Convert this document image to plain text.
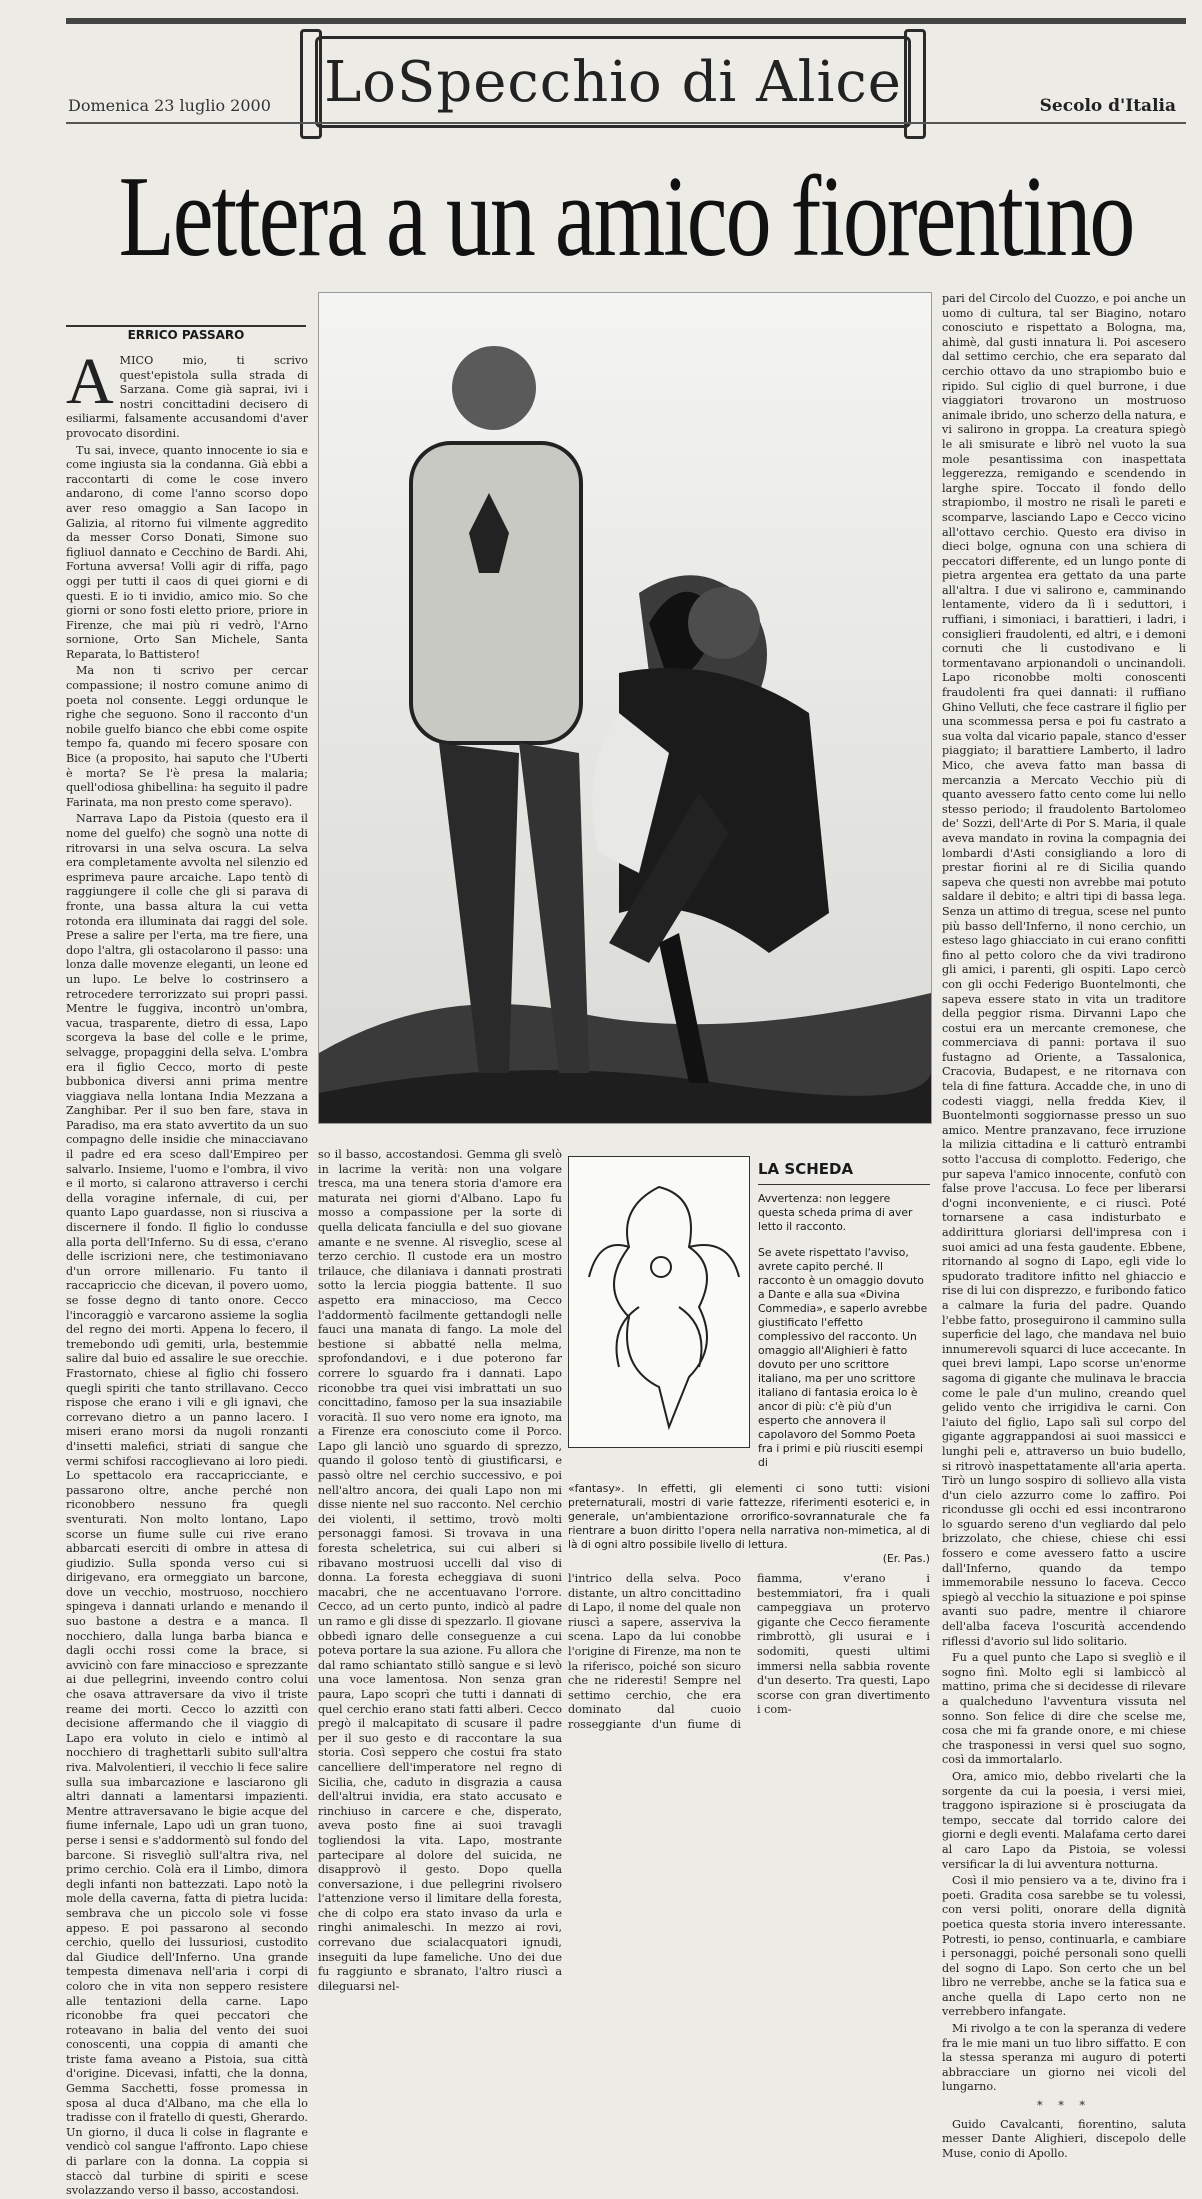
LoSpecchio di Alice
Domenica 23 luglio 2000	Secolo d'Italia
Lettera a un amico fiorentino
ERRICO PASSARO
A MICO mio, ti scrivo quest'epistola sulla strada di Sarzana. Come già saprai, ivi i nostri concittadini decisero di esiliarmi, falsamente accusandomi d'aver provocato disordini.

Tu sai, invece, quanto innocente io sia e come ingiusta sia la condanna. Già ebbi a raccontarti di come le cose invero andarono, di come l'anno scorso dopo aver reso omaggio a San Iacopo in Galizia, al ritorno fui vilmente aggredito da messer Corso Donati, Simone suo figliuol dannato e Cecchino de Bardi. Ahi, Fortuna avversa! Volli agir di riffa, pago oggi per tutti il caos di quei giorni e di questi. E io ti invidio, amico mio. So che giorni or sono fosti eletto priore, priore in Firenze, che mai più ri vedrò, l'Arno sornione, Orto San Michele, Santa Reparata, lo Battistero!

Ma non ti scrivo per cercar compassione; il nostro comune animo di poeta nol consente. Leggi ordunque le righe che seguono. Sono il racconto d'un nobile guelfo bianco che ebbi come ospite tempo fa, quando mi fecero sposare con Bice (a proposito, hai saputo che l'Uberti è morta? Se l'è presa la malaria; quell'odiosa ghibellina: ha seguito il padre Farinata, ma non presto come speravo).

Narrava Lapo da Pistoia (questo era il nome del guelfo) che sognò una notte di ritrovarsi in una selva oscura. La selva era completamente avvolta nel silenzio ed esprimeva paure arcaiche. Lapo tentò di raggiungere il colle che gli si parava di fronte, una bassa altura la cui vetta rotonda era illuminata dai raggi del sole. Prese a salire per l'erta, ma tre fiere, una dopo l'altra, gli ostacolarono il passo: una lonza dalle movenze eleganti, un leone ed un lupo. Le belve lo costrinsero a retrocedere terrorizzato sui propri passi. Mentre le fuggiva, incontrò un'ombra, vacua, trasparente, dietro di essa, Lapo scorgeva la base del colle e le prime, selvagge, propaggini della selva. L'ombra era il figlio Cecco, morto di peste bubbonica diversi anni prima mentre viaggiava nella lontana India Mezzana a Zanghibar. Per il suo ben fare, stava in Paradiso, ma era stato avvertito da un suo compagno delle insidie che minacciavano il padre ed era sceso dall'Empireo per salvarlo. Insieme, l'uomo e l'ombra, il vivo e il morto, si calarono attraverso i cerchi della voragine infernale, di cui, per quanto Lapo guardasse, non si riusciva a discernere il fondo. Il figlio lo condusse alla porta dell'Inferno. Su di essa, c'erano delle iscrizioni nere, che testimoniavano d'un orrore millenario. Fu tanto il raccapriccio che dicevan, il povero uomo, se fosse degno di tanto onore. Cecco l'incoraggiò e varcarono assieme la soglia del regno dei morti. Appena lo fecero, il tremebondo udì gemiti, urla, bestemmie salire dal buio ed assalire le sue orecchie. Frastornato, chiese al figlio chi fossero quegli spiriti che tanto strillavano. Cecco rispose che erano i vili e gli ignavi, che correvano dietro a un panno lacero. I miseri erano morsi da nugoli ronzanti d'insetti malefici, striati di sangue che vermi schifosi raccoglievano ai loro piedi. Lo spettacolo era raccapricciante, e passarono oltre, anche perché non riconobbero nessuno fra quegli sventurati. Non molto lontano, Lapo scorse un fiume sulle cui rive erano abbarcati eserciti di ombre in attesa di giudizio. Sulla sponda verso cui si dirigevano, era ormeggiato un barcone, dove un vecchio, mostruoso, nocchiero spingeva i dannati urlando e menando il suo bastone a destra e a manca. Il nocchiero, dalla lunga barba bianca e dagli occhi rossi come la brace, si avvicinò con fare minaccioso e sprezzante ai due pellegrini, inveendo contro colui che osava attraversare da vivo il triste reame dei morti. Cecco lo azzittì con decisione affermando che il viaggio di Lapo era voluto in cielo e intimò al nocchiero di traghettarli subito sull'altra riva. Malvolentieri, il vecchio li fece salire sulla sua imbarcazione e lasciarono gli altri dannati a lamentarsi impazienti. Mentre attraversavano le bigie acque del fiume infernale, Lapo udì un gran tuono, perse i sensi e s'addormentò sul fondo del barcone. Si risvegliò sull'altra riva, nel primo cerchio. Colà era il Limbo, dimora degli infanti non battezzati. Lapo notò la mole della caverna, fatta di pietra lucida: sembrava che un piccolo sole vi fosse appeso. E poi passarono al secondo cerchio, quello dei lussuriosi, custodito dal Giudice dell'Inferno. Una grande tempesta dimenava nell'aria i corpi di coloro che in vita non seppero resistere alle tentazioni della carne. Lapo riconobbe fra quei peccatori che roteavano in balia del vento dei suoi conoscenti, una coppia di amanti che triste fama aveano a Pistoia, sua città d'origine. Dicevasi, infatti, che la donna, Gemma Sacchetti, fosse promessa in sposa al duca d'Albano, ma che ella lo tradisse con il fratello di questi, Gherardo. Un giorno, il duca li colse in flagrante e vendicò col sangue l'affronto. Lapo chiese di parlare con la donna. La coppia si staccò dal turbine di spiriti e scese svolazzando verso il basso, accostandosi.

so il basso, accostandosi. Gemma gli svelò in lacrime la verità: non una volgare tresca, ma una tenera storia d'amore era maturata nei giorni d'Albano. Lapo fu mosso a compassione per la sorte di quella delicata fanciulla e del suo giovane amante e ne svenne. Al risveglio, scese al terzo cerchio. Il custode era un mostro trilauce, che dilaniava i dannati prostrati sotto la lercia pioggia battente. Il suo aspetto era minaccioso, ma Cecco l'addormentò facilmente gettandogli nelle fauci una manata di fango. La mole del bestione si abbatté nella melma, sprofondandovi, e i due poterono far correre lo sguardo fra i dannati. Lapo riconobbe tra quei visi imbrattati un suo concittadino, famoso per la sua insaziabile voracità. Il suo vero nome era ignoto, ma a Firenze era conosciuto come il Porco. Lapo gli lanciò uno sguardo di sprezzo, quando il goloso tentò di giustificarsi, e passò oltre nel cerchio successivo, e poi nell'altro ancora, dei quali Lapo non mi disse niente nel suo racconto. Nel cerchio dei violenti, il settimo, trovò molti personaggi famosi. Si trovava in una foresta scheletrica, sui cui alberi si ribavano mostruosi uccelli dal viso di donna. La foresta echeggiava di suoni macabri, che ne accentuavano l'orrore. Cecco, ad un certo punto, indicò al padre un ramo e gli disse di spezzarlo. Il giovane obbedì ignaro delle conseguenze a cui poteva portare la sua azione. Fu allora che dal ramo schiantato stillò sangue e si levò una voce lamentosa. Non senza gran paura, Lapo scoprì che tutti i dannati di quel cerchio erano stati fatti alberi. Cecco pregò il malcapitato di scusare il padre per il suo gesto e di raccontare la sua storia. Così seppero che costui fra stato cancelliere dell'imperatore nel regno di Sicilia, che, caduto in disgrazia a causa dell'altrui invidia, era stato accusato e rinchiuso in carcere e che, disperato, aveva posto fine ai suoi travagli togliendosi la vita. Lapo, mostrante partecipare al dolore del suicida, ne disapprovò il gesto. Dopo quella conversazione, i due pellegrini rivolsero l'attenzione verso il limitare della foresta, che di colpo era stato invaso da urla e ringhi animaleschi. In mezzo ai rovi, correvano due scialacquatori ignudi, inseguiti da lupe fameliche. Uno dei due fu raggiunto e sbranato, l'altro riuscì a dileguarsi nel-

LA SCHEDA

Avvertenza: non leggere questa scheda prima di aver letto il racconto.

Se avete rispettato l'avviso, avrete capito perché. Il racconto è un omaggio dovuto a Dante e alla sua «Divina Commedia», e saperlo avrebbe giustificato l'effetto complessivo del racconto. Un omaggio all'Alighieri è fatto dovuto per uno scrittore italiano, ma per uno scrittore italiano di fantasia eroica lo è ancor di più: c'è più d'un esperto che annovera il capolavoro del Sommo Poeta fra i primi e più riusciti esempi di

«fantasy». In effetti, gli elementi ci sono tutti: visioni preternaturali, mostri di varie fattezze, riferimenti esoterici e, in generale, un'ambientazione orrorifico-sovrannaturale che fa rientrare a buon diritto l'opera nella narrativa non-mimetica, al di là di ogni altro possibile livello di lettura.
(Er. Pas.)

l'intrico della selva. Poco distante, un altro concittadino di Lapo, il nome del quale non riuscì a sapere, asserviva la scena. Lapo da lui conobbe l'origine di Firenze, ma non te la riferisco, poiché son sicuro che ne rideresti! Sempre nel settimo cerchio, che era dominato dal cuoio rosseggiante d'un fiume di fiamma, v'erano i bestemmiatori, fra i quali campeggiava un protervo gigante che Cecco fieramente rimbrottò, gli usurai e i sodomiti, questi ultimi immersi nella sabbia rovente d'un deserto. Tra questi, Lapo scorse con gran divertimento i com-

pari del Circolo del Cuozzo, e poi anche un uomo di cultura, tal ser Biagino, notaro conosciuto e rispettato a Bologna, ma, ahimè, dal gusti innatura li. Poi ascesero dal settimo cerchio, che era separato dal cerchio ottavo da uno strapiombo buio e ripido. Sul ciglio di quel burrone, i due viaggiatori trovarono un mostruoso animale ibrido, uno scherzo della natura, e vi salirono in groppa. La creatura spiegò le ali smisurate e librò nel vuoto la sua mole pesantissima con inaspettata leggerezza, remigando e scendendo in larghe spire. Toccato il fondo dello strapiombo, il mostro ne risalì le pareti e scomparve, lasciando Lapo e Cecco vicino all'ottavo cerchio. Questo era diviso in dieci bolge, ognuna con una schiera di peccatori differente, ed un lungo ponte di pietra argentea era gettato da una parte all'altra. I due vi salirono e, camminando lentamente, videro da lì i seduttori, i ruffiani, i simoniaci, i barattieri, i ladri, i consiglieri fraudolenti, ed altri, e i demoni cornuti che li custodivano e li tormentavano arpionandoli o uncinandoli. Lapo riconobbe molti conoscenti fraudolenti fra quei dannati: il ruffiano Ghino Velluti, che fece castrare il figlio per una scommessa persa e poi fu castrato a sua volta dal vicario papale, stanco d'esser piaggiato; il barattiere Lamberto, il ladro Mico, che aveva fatto man bassa di mercanzia a Mercato Vecchio più di quanto avessero fatto cento come lui nello stesso periodo; il fraudolento Bartolomeo de' Sozzi, dell'Arte di Por S. Maria, il quale aveva mandato in rovina la compagnia dei lombardi d'Asti consigliando a loro di prestar fiorini al re di Sicilia quando sapeva che questi non avrebbe mai potuto saldare il debito; e altri tipi di bassa lega. Senza un attimo di tregua, scese nel punto più basso dell'Inferno, il nono cerchio, un esteso lago ghiacciato in cui erano confitti fino al petto coloro che da vivi tradirono gli amici, i parenti, gli ospiti. Lapo cercò con gli occhi Federigo Buontelmonti, che sapeva essere stato in vita un traditore della peggior risma. Dirvanni Lapo che costui era un mercante cremonese, che commerciava di panni: portava il suo fustagno ad Oriente, a Tassalonica, Cracovia, Budapest, e ne ritornava con tela di fine fattura. Accadde che, in uno di codesti viaggi, nella fredda Kiev, il Buontelmonti soggiornasse presso un suo amico. Mentre pranzavano, fece irruzione la milizia cittadina e li catturò entrambi sotto l'accusa di complotto. Federigo, che pur sapeva l'amico innocente, confutò con false prove l'accusa. Lo fece per liberarsi d'ogni inconveniente, e ci riuscì. Poté tornarsene a casa indisturbato e addirittura gloriarsi dell'impresa con i suoi amici ad una festa gaudente. Ebbene, ritornando al sogno di Lapo, egli vide lo spudorato traditore infitto nel ghiaccio e rise di lui con disprezzo, e furibondo fatico a calmare la furia del padre. Quando l'ebbe fatto, proseguirono il cammino sulla superficie del lago, che mandava nel buio innumerevoli squarci di luce accecante. In quei brevi lampi, Lapo scorse un'enorme sagoma di gigante che mulinava le braccia come le pale d'un mulino, creando quel gelido vento che irrigidiva le carni. Con l'aiuto del figlio, Lapo salì sul corpo del gigante aggrappandosi ai suoi massicci e lunghi peli e, attraverso un buio budello, si ritrovò inaspettatamente all'aria aperta. Tirò un lungo sospiro di sollievo alla vista d'un cielo azzurro come lo zaffiro. Poi ricondusse gli occhi ed essi incontrarono lo sguardo sereno d'un vegliardo dal pelo brizzolato, che chiese, chiese chi essi fossero e come avessero fatto a uscire dall'Inferno, quando da tempo immemorabile nessuno lo faceva. Cecco spiegò al vecchio la situazione e poi spinse avanti suo padre, mentre il chiarore dell'alba faceva l'oscurità accendendo riflessi d'avorio sul lido solitario.

Fu a quel punto che Lapo si svegliò e il sogno finì. Molto egli si lambiccò al mattino, prima che si decidesse di rilevare a qualcheduno l'avventura vissuta nel sonno. Son felice di dire che scelse me, cosa che mi fa grande onore, e mi chiese che trasponessi in versi quel suo sogno, così da immortalarlo.

Ora, amico mio, debbo rivelarti che la sorgente da cui la poesia, i versi miei, traggono ispirazione si è prosciugata da tempo, seccate dal torrido calore dei giorni e degli eventi. Malafama certo darei al caro Lapo da Pistoia, se volessi versificar la di lui avventura notturna.

Così il mio pensiero va a te, divino fra i poeti. Gradita cosa sarebbe se tu volessi, con versi politi, onorare della dignità poetica questa storia invero interessante. Potresti, io penso, continuarla, e cambiare i personaggi, poiché personali sono quelli del sogno di Lapo. Son certo che un bel libro ne verrebbe, anche se la fatica sua e anche quella di Lapo certo non ne verrebbero infangate.

Mi rivolgo a te con la speranza di vedere fra le mie mani un tuo libro siffatto. E con la stessa speranza mi auguro di poterti abbracciare un giorno nei vicoli del lungarno.

* * *

Guido Cavalcanti, fiorentino, saluta messer Dante Alighieri, discepolo delle Muse, conio di Apollo.
